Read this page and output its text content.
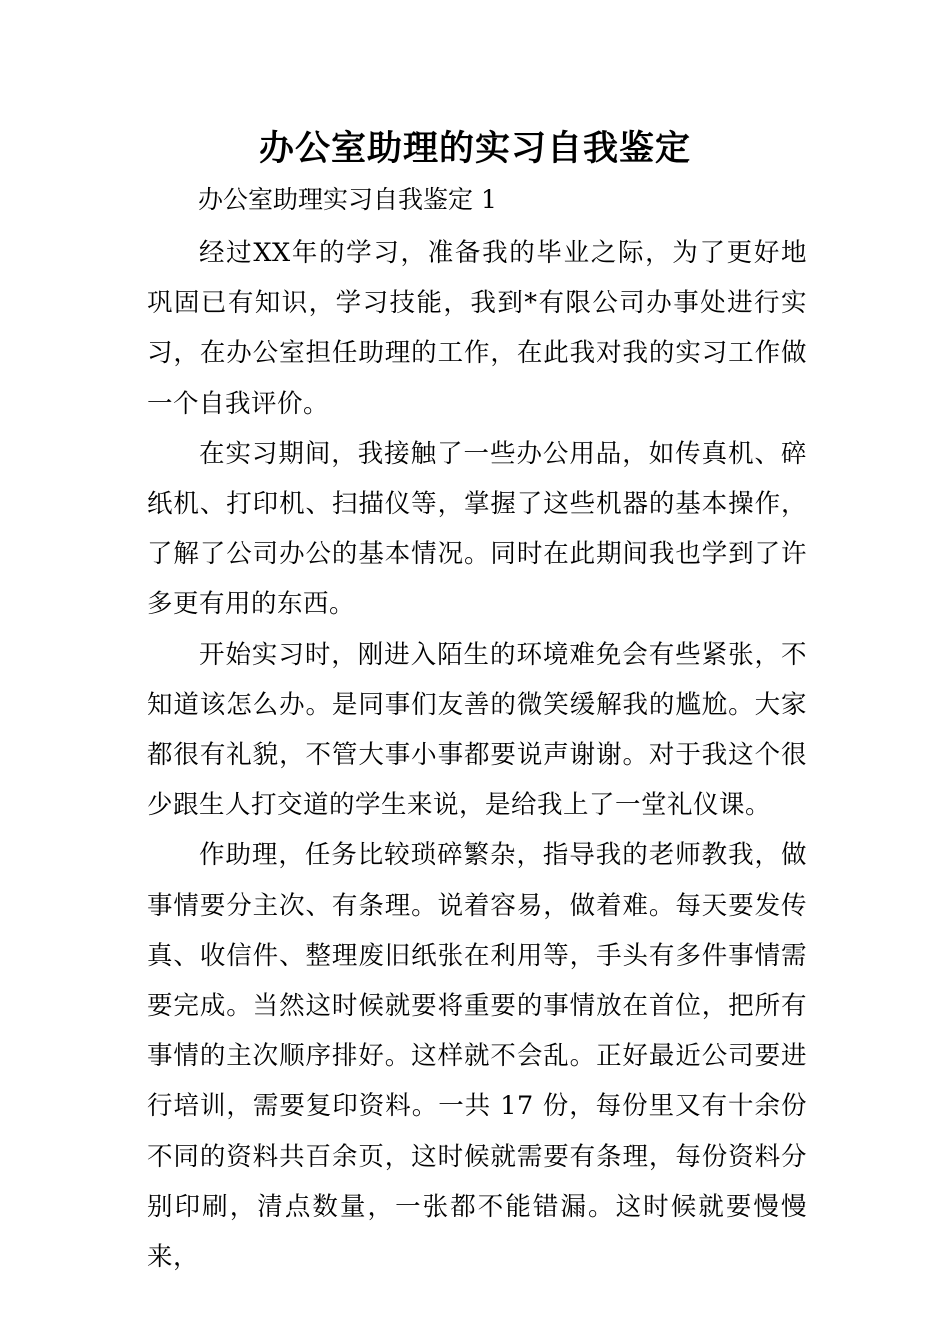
办公室助理的实习自我鉴定
办公室助理实习自我鉴定 1

经过XX年的学习，准备我的毕业之际，为了更好地巩固已有知识，学习技能，我到*有限公司办事处进行实习，在办公室担任助理的工作，在此我对我的实习工作做一个自我评价。

在实习期间，我接触了一些办公用品，如传真机、碎纸机、打印机、扫描仪等，掌握了这些机器的基本操作，了解了公司办公的基本情况。同时在此期间我也学到了许多更有用的东西。

开始实习时，刚进入陌生的环境难免会有些紧张，不知道该怎么办。是同事们友善的微笑缓解我的尴尬。大家都很有礼貌，不管大事小事都要说声谢谢。对于我这个很少跟生人打交道的学生来说，是给我上了一堂礼仪课。

作助理，任务比较琐碎繁杂，指导我的老师教我，做事情要分主次、有条理。说着容易，做着难。每天要发传真、收信件、整理废旧纸张在利用等，手头有多件事情需要完成。当然这时候就要将重要的事情放在首位，把所有事情的主次顺序排好。这样就不会乱。正好最近公司要进行培训，需要复印资料。一共 17 份，每份里又有十余份不同的资料共百余页，这时候就需要有条理，每份资料分别印刷，清点数量，一张都不能错漏。这时候就要慢慢来，
